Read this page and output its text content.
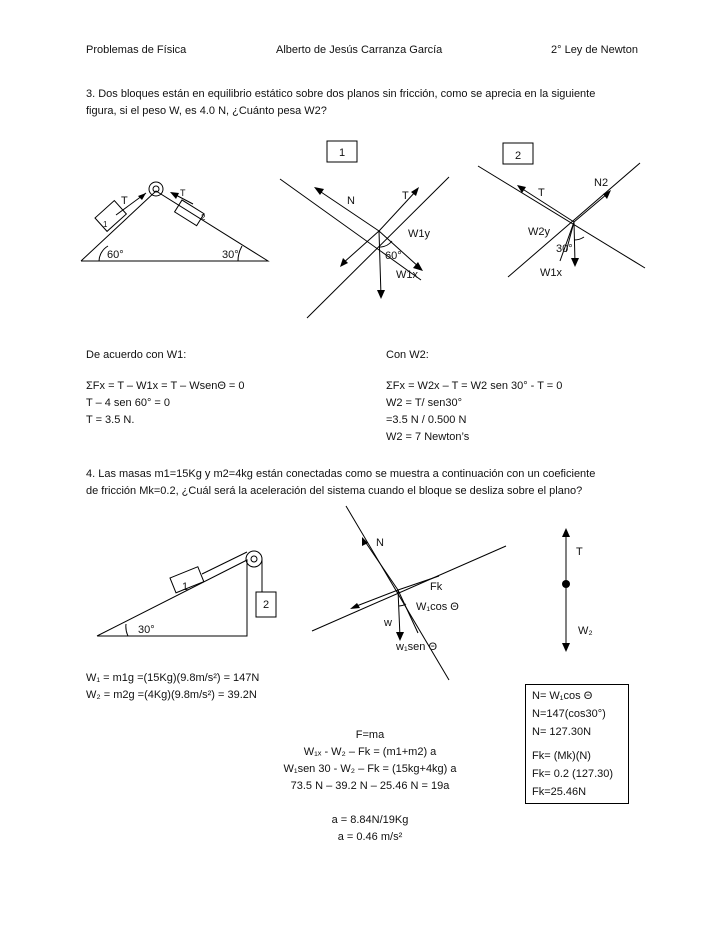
Problemas de Física	Alberto de Jesús Carranza García	2° Ley de Newton
3. Dos bloques están en equilibrio estático sobre dos planos sin fricción, como se aprecia en la siguiente
figura, si el peso W, es 4.0 N, ¿Cuánto pesa W2?
T
T
1
2
60°	30°
1
N	T
W1y
60°
W1x
2
N2
T
W2y
30°
W1x
De acuerdo con W1:
ΣFx = T – W1x = T – WsenΘ = 0
T – 4 sen 60° = 0
T = 3.5 N.
Con W2:
ΣFx = W2x – T = W2 sen 30° - T = 0
W2 = T/ sen30°
=3.5 N / 0.500 N
W2 = 7 Newton’s
4. Las masas m1=15Kg y m2=4kg están conectadas como se muestra a continuación con un coeficiente
de fricción Mk=0.2, ¿Cuál será la aceleración del sistema cuando el bloque se desliza sobre el plano?
1
2
30°
N
Fk
W₁cos Θ
w
w₁sen Θ
T
W₂
W₁ = m1g =(15Kg)(9.8m/s²) = 147N
W₂ = m2g =(4Kg)(9.8m/s²) = 39.2N
F=ma
W₁ₓ - W₂ – Fk = (m1+m2) a
W₁sen 30 - W₂ – Fk = (15kg+4kg) a
73.5 N – 39.2 N – 25.46 N = 19a
a = 8.84N/19Kg
a = 0.46 m/s²
N= W₁cos Θ
N=147(cos30°)
N= 127.30N
Fk= (Mk)(N)
Fk= 0.2 (127.30)
Fk=25.46N
